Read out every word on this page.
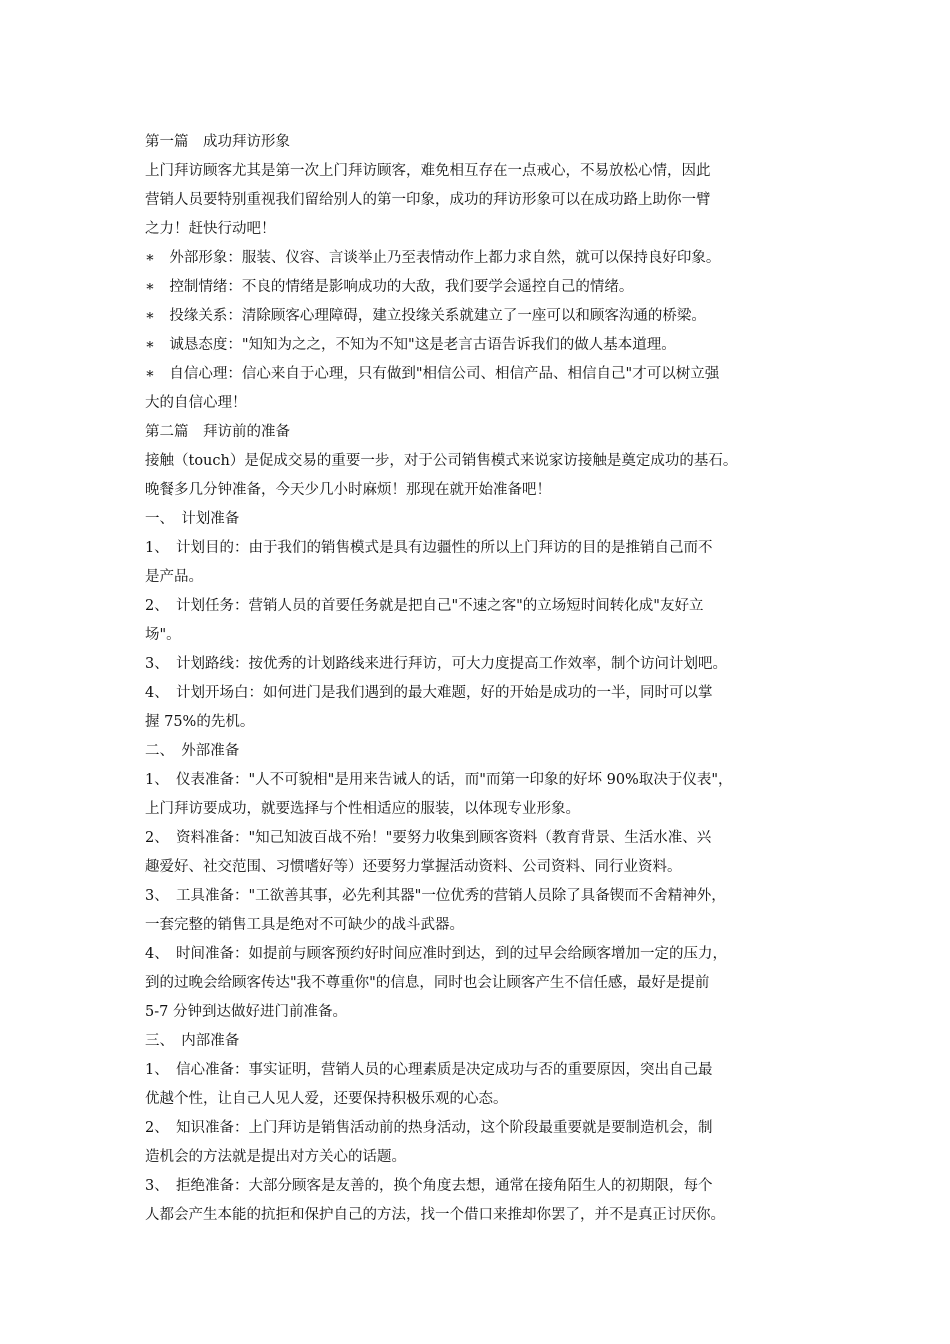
第一篇　成功拜访形象
上门拜访顾客尤其是第一次上门拜访顾客，难免相互存在一点戒心，不易放松心情，因此
营销人员要特别重视我们留给别人的第一印象，成功的拜访形象可以在成功路上助你一臂
之力！赶快行动吧！
∗　外部形象：服装、仪容、言谈举止乃至表情动作上都力求自然，就可以保持良好印象。
∗　控制情绪：不良的情绪是影响成功的大敌，我们要学会遥控自己的情绪。
∗　投缘关系：清除顾客心理障碍，建立投缘关系就建立了一座可以和顾客沟通的桥梁。
∗　诚恳态度："知知为之之，不知为不知"这是老言古语告诉我们的做人基本道理。
∗　自信心理：信心来自于心理，只有做到"相信公司、相信产品、相信自己"才可以树立强
大的自信心理！
第二篇　拜访前的准备
接触（touch）是促成交易的重要一步，对于公司销售模式来说家访接触是奠定成功的基石。
晚餐多几分钟准备，今天少几小时麻烦！那现在就开始准备吧！
一、　计划准备
1、　计划目的：由于我们的销售模式是具有边疆性的所以上门拜访的目的是推销自己而不
是产品。
2、　计划任务：营销人员的首要任务就是把自己"不速之客"的立场短时间转化成"友好立
场"。
3、　计划路线：按优秀的计划路线来进行拜访，可大力度提高工作效率，制个访问计划吧。
4、　计划开场白：如何进门是我们遇到的最大难题，好的开始是成功的一半，同时可以掌
握 75%的先机。
二、　外部准备
1、　仪表准备："人不可貌相"是用来告诫人的话，而"而第一印象的好坏 90%取决于仪表"，
上门拜访要成功，就要选择与个性相适应的服装，以体现专业形象。
2、　资料准备："知己知波百战不殆！"要努力收集到顾客资料（教育背景、生活水准、兴
趣爱好、社交范围、习惯嗜好等）还要努力掌握活动资料、公司资料、同行业资料。
3、　工具准备："工欲善其事，必先利其器"一位优秀的营销人员除了具备锲而不舍精神外，
一套完整的销售工具是绝对不可缺少的战斗武器。
4、　时间准备：如提前与顾客预约好时间应准时到达，到的过早会给顾客增加一定的压力，
到的过晚会给顾客传达"我不尊重你"的信息，同时也会让顾客产生不信任感，最好是提前
5-7 分钟到达做好进门前准备。
三、　内部准备
1、　信心准备：事实证明，营销人员的心理素质是决定成功与否的重要原因，突出自己最
优越个性，让自己人见人爱，还要保持积极乐观的心态。
2、　知识准备：上门拜访是销售活动前的热身活动，这个阶段最重要就是要制造机会，制
造机会的方法就是提出对方关心的话题。
3、　拒绝准备：大部分顾客是友善的，换个角度去想，通常在接角陌生人的初期限，每个
人都会产生本能的抗拒和保护自己的方法，找一个借口来推却你罢了，并不是真正讨厌你。
